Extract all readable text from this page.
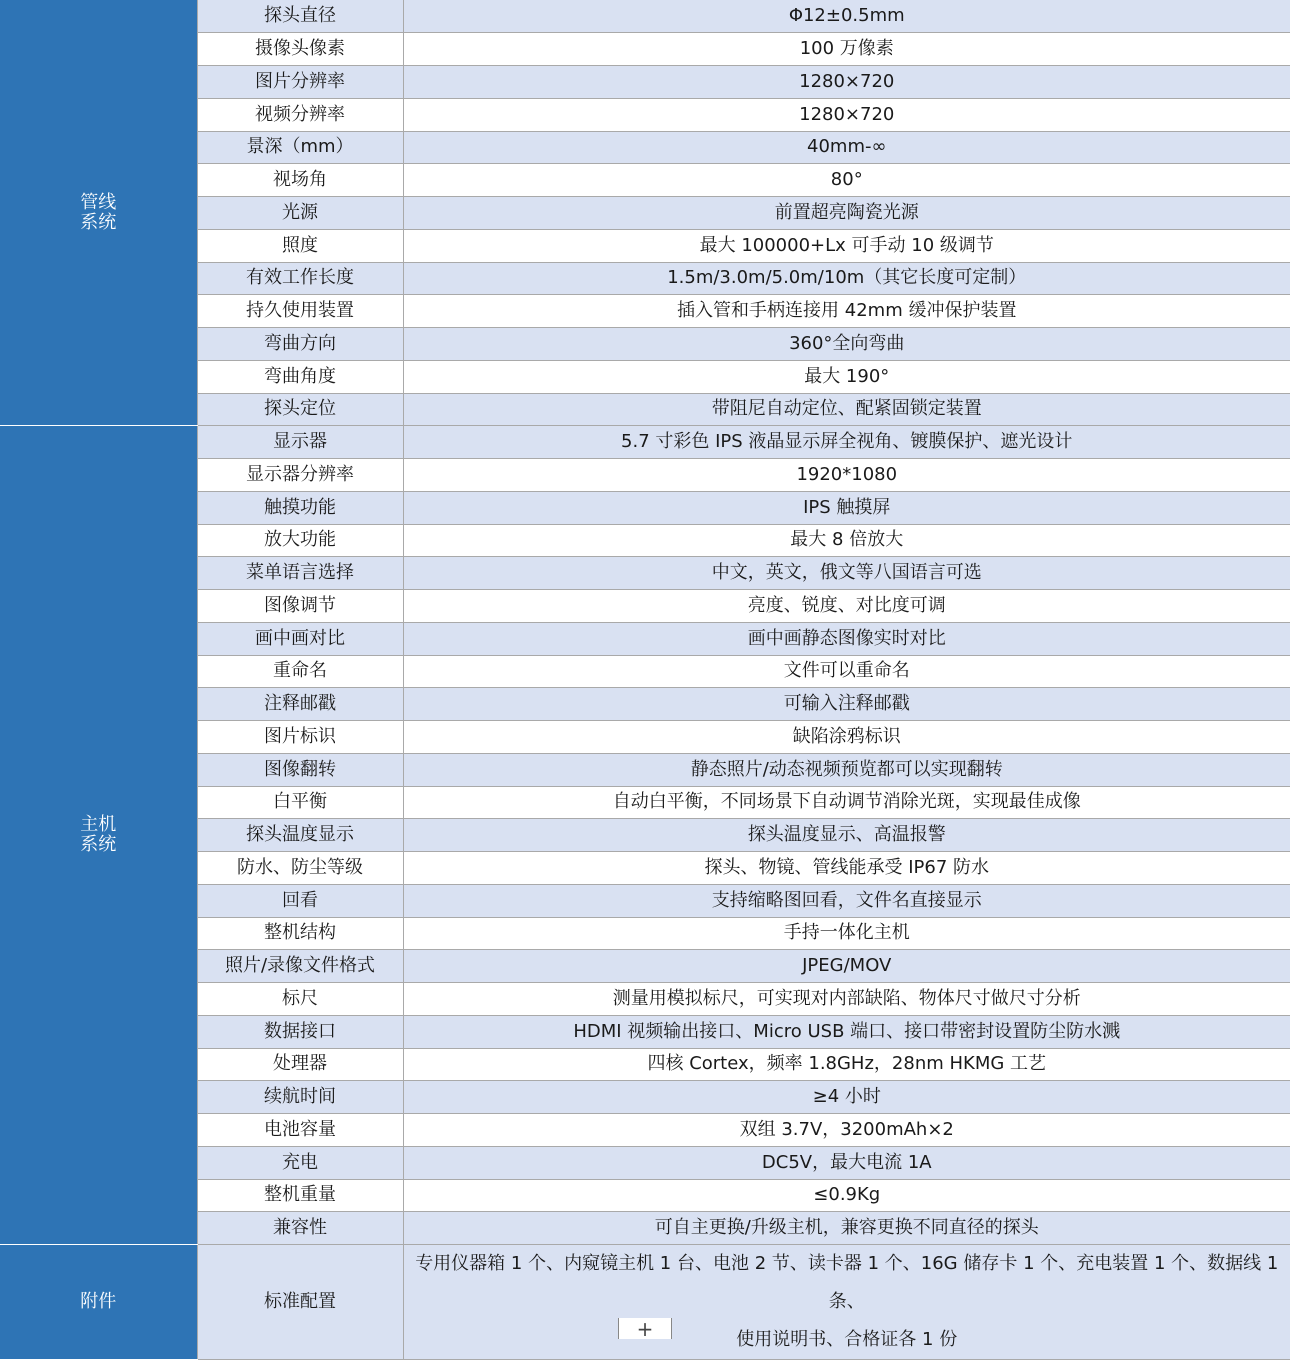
管线
系统	探头直径	Φ12±0.5mm
	摄像头像素	100 万像素
	图片分辨率	1280×720
	视频分辨率	1280×720
	景深（mm）	40mm-∞
	视场角	80°
	光源	前置超亮陶瓷光源
	照度	最大 100000+Lx 可手动 10 级调节
	有效工作长度	1.5m/3.0m/5.0m/10m（其它长度可定制）
	持久使用装置	插入管和手柄连接用 42mm 缓冲保护装置
	弯曲方向	360°全向弯曲
	弯曲角度	最大 190°
	探头定位	带阻尼自动定位、配紧固锁定装置

主机
系统	显示器	5.7 寸彩色 IPS 液晶显示屏全视角、镀膜保护、遮光设计
	显示器分辨率	1920*1080
	触摸功能	IPS 触摸屏
	放大功能	最大 8 倍放大
	菜单语言选择	中文，英文，俄文等八国语言可选
	图像调节	亮度、锐度、对比度可调
	画中画对比	画中画静态图像实时对比
	重命名	文件可以重命名
	注释邮戳	可输入注释邮戳
	图片标识	缺陷涂鸦标识
	图像翻转	静态照片/动态视频预览都可以实现翻转
	白平衡	自动白平衡，不同场景下自动调节消除光斑，实现最佳成像
	探头温度显示	探头温度显示、高温报警
	防水、防尘等级	探头、物镜、管线能承受 IP67 防水
	回看	支持缩略图回看，文件名直接显示
	整机结构	手持一体化主机
	照片/录像文件格式	JPEG/MOV
	标尺	测量用模拟标尺，可实现对内部缺陷、物体尺寸做尺寸分析
	数据接口	HDMI 视频输出接口、Micro USB 端口、接口带密封设置防尘防水溅
	处理器	四核 Cortex，频率 1.8GHz，28nm HKMG 工艺
	续航时间	≥4 小时
	电池容量	双组 3.7V，3200mAh×2
	充电	DC5V，最大电流 1A
	整机重量	≤0.9Kg
	兼容性	可自主更换/升级主机，兼容更换不同直径的探头

附件	标准配置	专用仪器箱 1 个、内窥镜主机 1 台、电池 2 节、读卡器 1 个、16G 储存卡 1 个、充电装置 1 个、数据线 1 条、
使用说明书、合格证各 1 份
+
